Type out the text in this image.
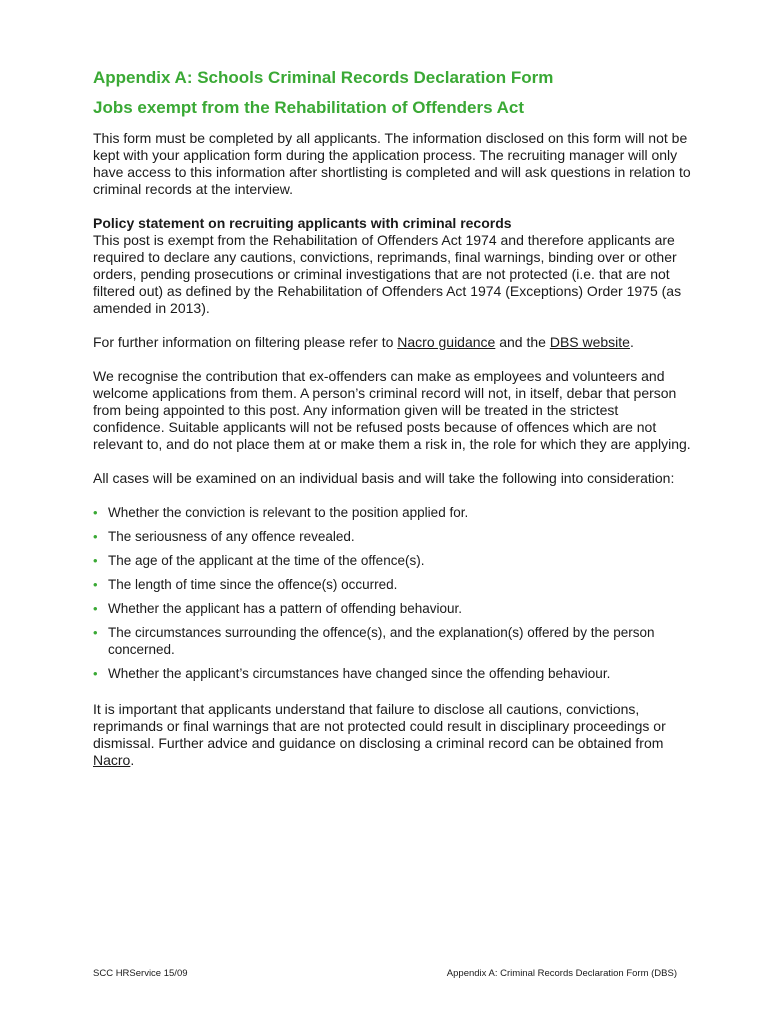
Appendix A: Schools Criminal Records Declaration Form
Jobs exempt from the Rehabilitation of Offenders Act

This form must be completed by all applicants. The information disclosed on this form will not be kept with your application form during the application process. The recruiting manager will only have access to this information after shortlisting is completed and will ask questions in relation to criminal records at the interview.

Policy statement on recruiting applicants with criminal records

This post is exempt from the Rehabilitation of Offenders Act 1974 and therefore applicants are required to declare any cautions, convictions, reprimands, final warnings, binding over or other orders, pending prosecutions or criminal investigations that are not protected (i.e. that are not filtered out) as defined by the Rehabilitation of Offenders Act 1974 (Exceptions) Order 1975 (as amended in 2013).

For further information on filtering please refer to Nacro guidance and the DBS website.

We recognise the contribution that ex-offenders can make as employees and volunteers and welcome applications from them. A person’s criminal record will not, in itself, debar that person from being appointed to this post. Any information given will be treated in the strictest confidence. Suitable applicants will not be refused posts because of offences which are not relevant to, and do not place them at or make them a risk in, the role for which they are applying.

All cases will be examined on an individual basis and will take the following into consideration:

• Whether the conviction is relevant to the position applied for.
• The seriousness of any offence revealed.
• The age of the applicant at the time of the offence(s).
• The length of time since the offence(s) occurred.
• Whether the applicant has a pattern of offending behaviour.
• The circumstances surrounding the offence(s), and the explanation(s) offered by the person concerned.
• Whether the applicant’s circumstances have changed since the offending behaviour.

It is important that applicants understand that failure to disclose all cautions, convictions, reprimands or final warnings that are not protected could result in disciplinary proceedings or dismissal. Further advice and guidance on disclosing a criminal record can be obtained from Nacro.

SCC HRService 15/09	Appendix A: Criminal Records Declaration Form (DBS)
